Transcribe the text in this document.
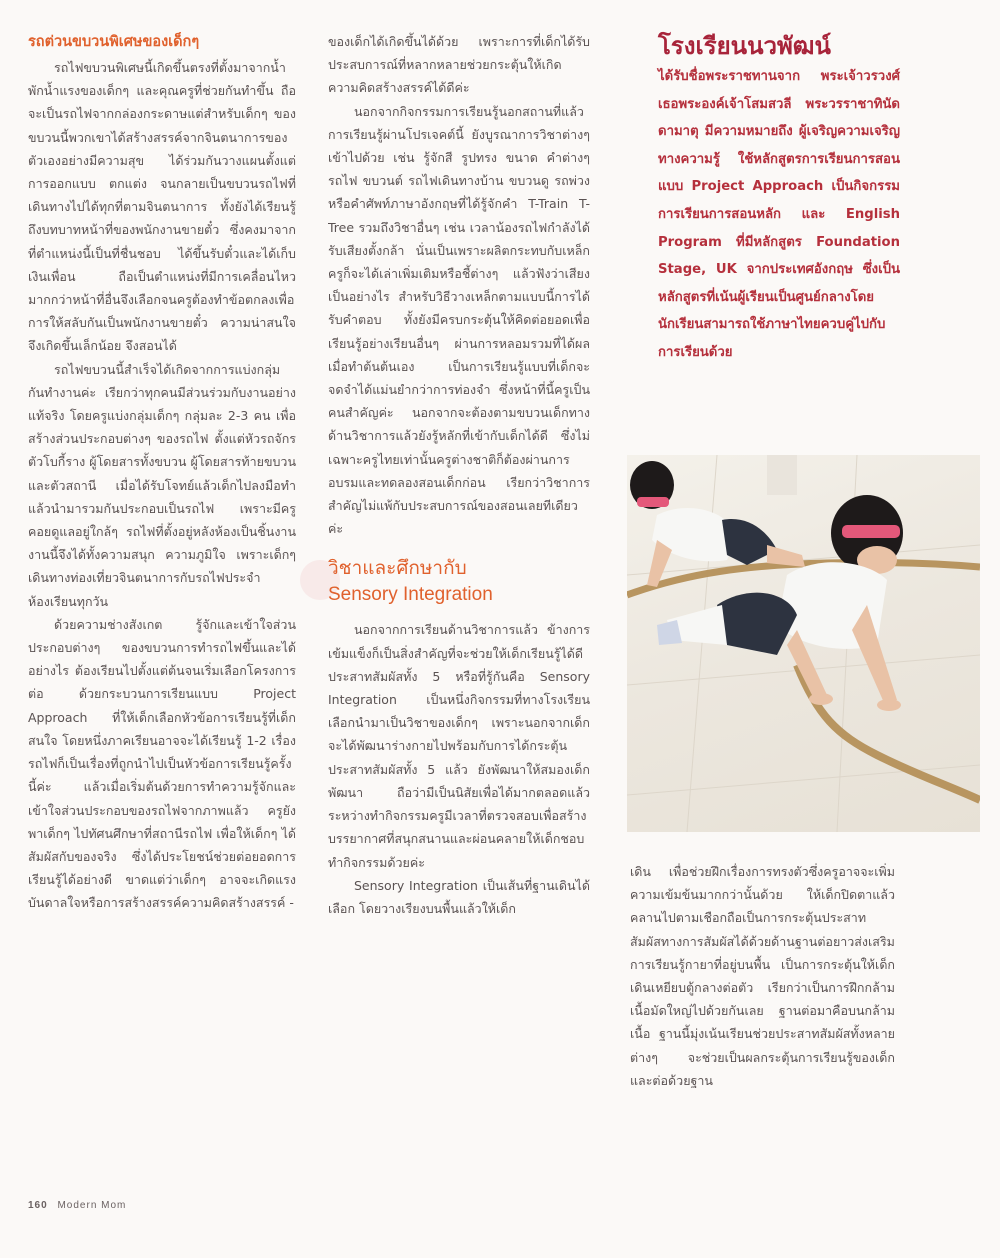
รถต่วนขบวนพิเศษของเด็กๆ

รถไฟขบวนพิเศษนี้เกิดขึ้นตรงที่ตั้งมาจากน้ำพักน้ำแรงของเด็กๆ และคุณครูที่ช่วยกันทำขึ้น ถือจะเป็นรถไฟจากกล่องกระดาษแต่สำหรับเด็กๆ ของขบวนนี้พวกเขาได้สร้างสรรค์จากจินตนาการของตัวเองอย่างมีความสุข ได้ร่วมกันวางแผนตั้งแต่การออกแบบ ตกแต่ง จนกลายเป็นขบวนรถไฟที่เดินทางไปได้ทุกที่ตามจินตนาการ ทั้งยังได้เรียนรู้ถึงบทบาทหน้าที่ของพนักงานขายตั๋ว ซึ่งคงมาจากที่ตำแหน่งนี้เป็นที่ชื่นชอบ ได้ขึ้นรับตั๋วและได้เก็บเงินเพื่อน ถือเป็นตำแหน่งที่มีการเคลื่อนไหวมากกว่าหน้าที่อื่นจึงเลือกจนครูต้องทำข้อตกลงเพื่อการให้สลับกันเป็นพนักงานขายตั๋ว ความน่าสนใจจึงเกิดขึ้นเล็กน้อย จึงสอนได้

รถไฟขบวนนี้สำเร็จได้เกิดจากการแบ่งกลุ่มกันทำงานค่ะ เรียกว่าทุกคนมีส่วนร่วมกับงานอย่างแท้จริง โดยครูแบ่งกลุ่มเด็กๆ กลุ่มละ 2-3 คน เพื่อสร้างส่วนประกอบต่างๆ ของรถไฟ ตั้งแต่หัวรถจักร ตัวโบกี้ราง ผู้โดยสารทั้งขบวน ผู้โดยสารท้ายขบวน และตัวสถานี เมื่อได้รับโจทย์แล้วเด็กไปลงมือทำ แล้วนำมารวมกันประกอบเป็นรถไฟ เพราะมีครูคอยดูแลอยู่ใกล้ๆ รถไฟที่ตั้งอยู่หลังห้องเป็นชิ้นงาน งานนี้จึงได้ทั้งความสนุก ความภูมิใจ เพราะเด็กๆ เดินทางท่องเที่ยวจินตนาการกับรถไฟประจำห้องเรียนทุกวัน

ด้วยความช่างสังเกต รู้จักและเข้าใจส่วนประกอบต่างๆ ของขบวนการทำรถไฟขึ้นและได้อย่างไร ต้องเรียนไปตั้งแต่ต้นจนเริ่มเลือกโครงการต่อ ด้วยกระบวนการเรียนแบบ Project Approach ที่ให้เด็กเลือกหัวข้อการเรียนรู้ที่เด็กสนใจ โดยหนึ่งภาคเรียนอาจจะได้เรียนรู้ 1-2 เรื่อง รถไฟก็เป็นเรื่องที่ถูกนำไปเป็นหัวข้อการเรียนรู้ครั้งนี้ค่ะ แล้วเมื่อเริ่มต้นด้วยการทำความรู้จักและเข้าใจส่วนประกอบของรถไฟจากภาพแล้ว ครูยังพาเด็กๆ ไปทัศนศึกษาที่สถานีรถไฟ เพื่อให้เด็กๆ ได้สัมผัสกับของจริง ซึ่งได้ประโยชน์ช่วยต่อยอดการเรียนรู้ได้อย่างดี ขาดแต่ว่าเด็กๆ อาจจะเกิดแรงบันดาลใจหรือการสร้างสรรค์ความคิดสร้างสรรค์ -

ของเด็กได้เกิดขึ้นได้ด้วย เพราะการที่เด็กได้รับประสบการณ์ที่หลากหลายช่วยกระตุ้นให้เกิดความคิดสร้างสรรค์ได้ดีค่ะ

นอกจากกิจกรรมการเรียนรู้นอกสถานที่แล้ว การเรียนรู้ผ่านโปรเจคต์นี้ ยังบูรณาการวิชาต่างๆ เข้าไปด้วย เช่น รู้จักสี รูปทรง ขนาด คำต่างๆ รถไฟ ขบวนต์ รถไฟเดินทางบ้าน ขบวนดู รถพ่วง หรือคำศัพท์ภาษาอังกฤษที่ได้รู้จักคำ T-Train T-Tree รวมถึงวิชาอื่นๆ เช่น เวลาน้องรถไฟกำลังได้รับเสียงตั้งกล้า นั่นเป็นเพราะผลิตกระทบกับเหล็ก ครูก็จะได้เล่าเพิ่มเติมหรือชี้ต่างๆ แล้วฟังว่าเสียงเป็นอย่างไร สำหรับวิธีวางเหล็กตามแบบนี้การได้รับคำตอบ ทั้งยังมีครบกระตุ้นให้คิดต่อยอดเพื่อเรียนรู้อย่างเรียนอื่นๆ ผ่านการหลอมรวมที่ได้ผลเมื่อทำต้นต้นเอง เป็นการเรียนรู้แบบที่เด็กจะจดจำได้แม่นยำกว่าการท่องจำ ซึ่งหน้าที่นี้ครูเป็นคนสำคัญค่ะ นอกจากจะต้องตามขบวนเด็กทางด้านวิชาการแล้วยังรู้หลักที่เข้ากับเด็กได้ดี ซึ่งไม่เฉพาะครูไทยเท่านั้นครูต่างชาติก็ต้องผ่านการอบรมและทดลองสอนเด็กก่อน เรียกว่าวิชาการสำคัญไม่แพ้กับประสบการณ์ของสอนเลยทีเดียวค่ะ

วิชาและศึกษากับ
Sensory Integration

นอกจากการเรียนด้านวิชาการแล้ว ข้างการเข้มแข็งก็เป็นสิ่งสำคัญที่จะช่วยให้เด็กเรียนรู้ได้ดี ประสาทสัมผัสทั้ง 5 หรือที่รู้กันคือ Sensory Integration เป็นหนึ่งกิจกรรมที่ทางโรงเรียนเลือกนำมาเป็นวิชาของเด็กๆ เพราะนอกจากเด็กจะได้พัฒนาร่างกายไปพร้อมกับการได้กระตุ้นประสาทสัมผัสทั้ง 5 แล้ว ยังพัฒนาให้สมองเด็กพัฒนา ถือว่ามีเป็นนิสัยเพื่อได้มากตลอดแล้วระหว่างทำกิจกรรมครูมีเวลาที่ตรวจสอบเพื่อสร้างบรรยากาศที่สนุกสนานและผ่อนคลายให้เด็กชอบทำกิจกรรมด้วยค่ะ

Sensory Integration เป็นเส้นที่ฐานเดินได้เลือก โดยวางเรียงบนพื้นแล้วให้เด็ก

โรงเรียนนวพัฒน์
ได้รับชื่อพระราชทานจาก พระเจ้าวรวงศ์เธอพระองค์เจ้าโสมสวลี พระวรราชาทินัดดามาตุ มีความหมายถึง ผู้เจริญความเจริญทางความรู้ ใช้หลักสูตรการเรียนการสอนแบบ Project Approach เป็นกิจกรรมการเรียนการสอนหลัก และ English Program ที่มีหลักสูตร Foundation Stage, UK จากประเทศอังกฤษ ซึ่งเป็นหลักสูตรที่เน้นผู้เรียนเป็นศูนย์กลางโดยนักเรียนสามารถใช้ภาษาไทยควบคู่ไปกับการเรียนด้วย

เดิน เพื่อช่วยฝึกเรื่องการทรงตัวซึ่งครูอาจจะเพิ่มความเข้มข้นมากกว่านั้นด้วย ให้เด็กปิดตาแล้วคลานไปตามเชือกถือเป็นการกระตุ้นประสาทสัมผัสทางการสัมผัสได้ด้วยด้านฐานต่อยาวส่งเสริมการเรียนรู้กายาที่อยู่บนพื้น เป็นการกระตุ้นให้เด็กเดินเหยียบตู้กลางต่อตัว เรียกว่าเป็นการฝึกกล้ามเนื้อมัดใหญ่ไปด้วยกันเลย ฐานต่อมาคือบนกล้ามเนื้อ ฐานนี้มุ่งเน้นเรียนช่วยประสาทสัมผัสทั้งหลายต่างๆ จะช่วยเป็นผลกระตุ้นการเรียนรู้ของเด็ก และต่อด้วยฐาน

160 Modern Mom
